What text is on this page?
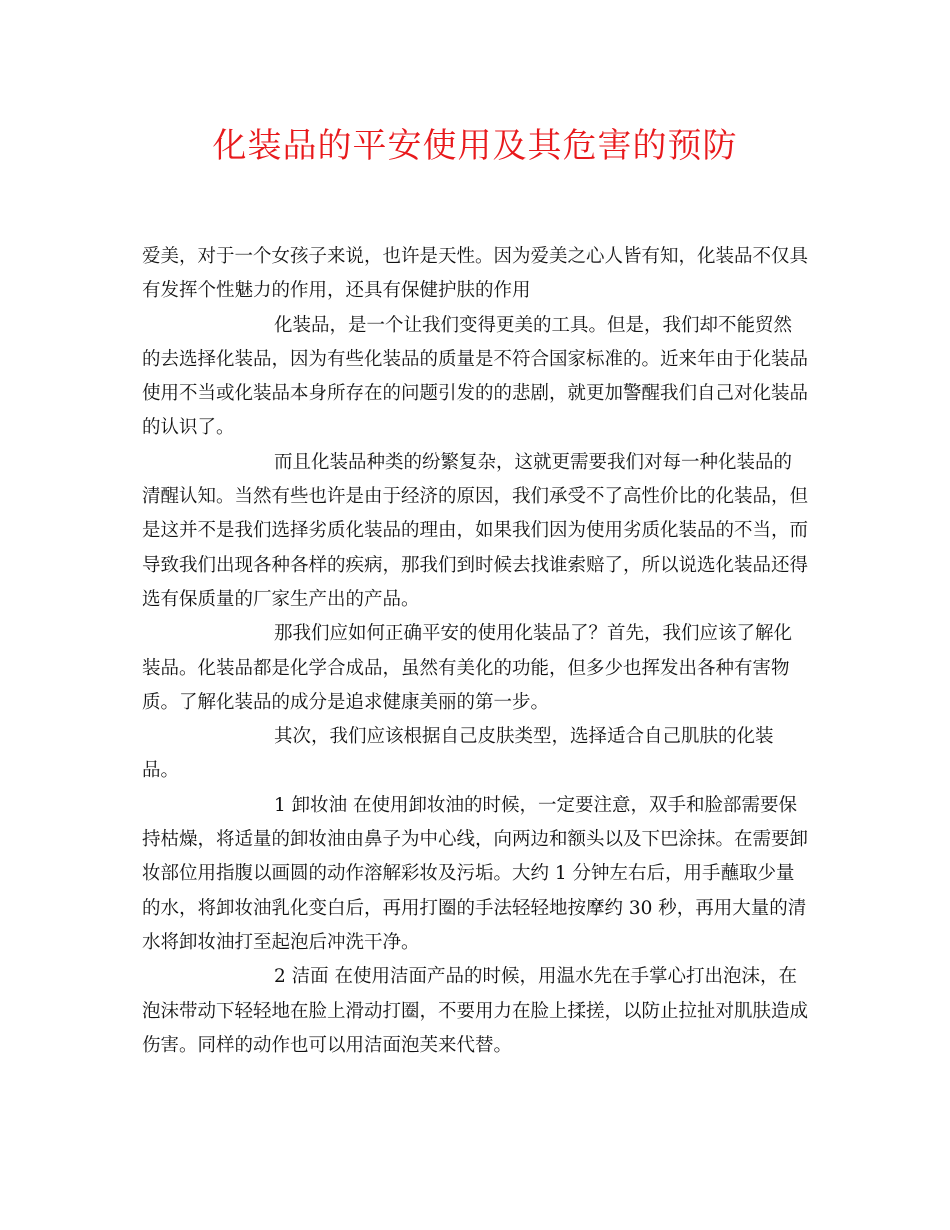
化装品的平安使用及其危害的预防

爱美，对于一个女孩子来说，也许是天性。因为爱美之心人皆有知，化装品不仅具有发挥个性魅力的作用，还具有保健护肤的作用

化装品，是一个让我们变得更美的工具。但是，我们却不能贸然的去选择化装品，因为有些化装品的质量是不符合国家标准的。近来年由于化装品使用不当或化装品本身所存在的问题引发的的悲剧，就更加警醒我们自己对化装品的认识了。

而且化装品种类的纷繁复杂，这就更需要我们对每一种化装品的清醒认知。当然有些也许是由于经济的原因，我们承受不了高性价比的化装品，但是这并不是我们选择劣质化装品的理由，如果我们因为使用劣质化装品的不当，而导致我们出现各种各样的疾病，那我们到时候去找谁索赔了，所以说选化装品还得选有保质量的厂家生产出的产品。

那我们应如何正确平安的使用化装品了？首先，我们应该了解化装品。化装品都是化学合成品，虽然有美化的功能，但多少也挥发出各种有害物质。了解化装品的成分是追求健康美丽的第一步。

其次，我们应该根据自己皮肤类型，选择适合自己肌肤的化装品。

1 卸妆油 在使用卸妆油的时候，一定要注意，双手和脸部需要保持枯燥，将适量的卸妆油由鼻子为中心线，向两边和额头以及下巴涂抹。在需要卸妆部位用指腹以画圆的动作溶解彩妆及污垢。大约 1 分钟左右后，用手蘸取少量的水，将卸妆油乳化变白后，再用打圈的手法轻轻地按摩约 30 秒，再用大量的清水将卸妆油打至起泡后冲洗干净。

2 洁面 在使用洁面产品的时候，用温水先在手掌心打出泡沫，在泡沫带动下轻轻地在脸上滑动打圈，不要用力在脸上揉搓，以防止拉扯对肌肤造成伤害。同样的动作也可以用洁面泡芙来代替。
